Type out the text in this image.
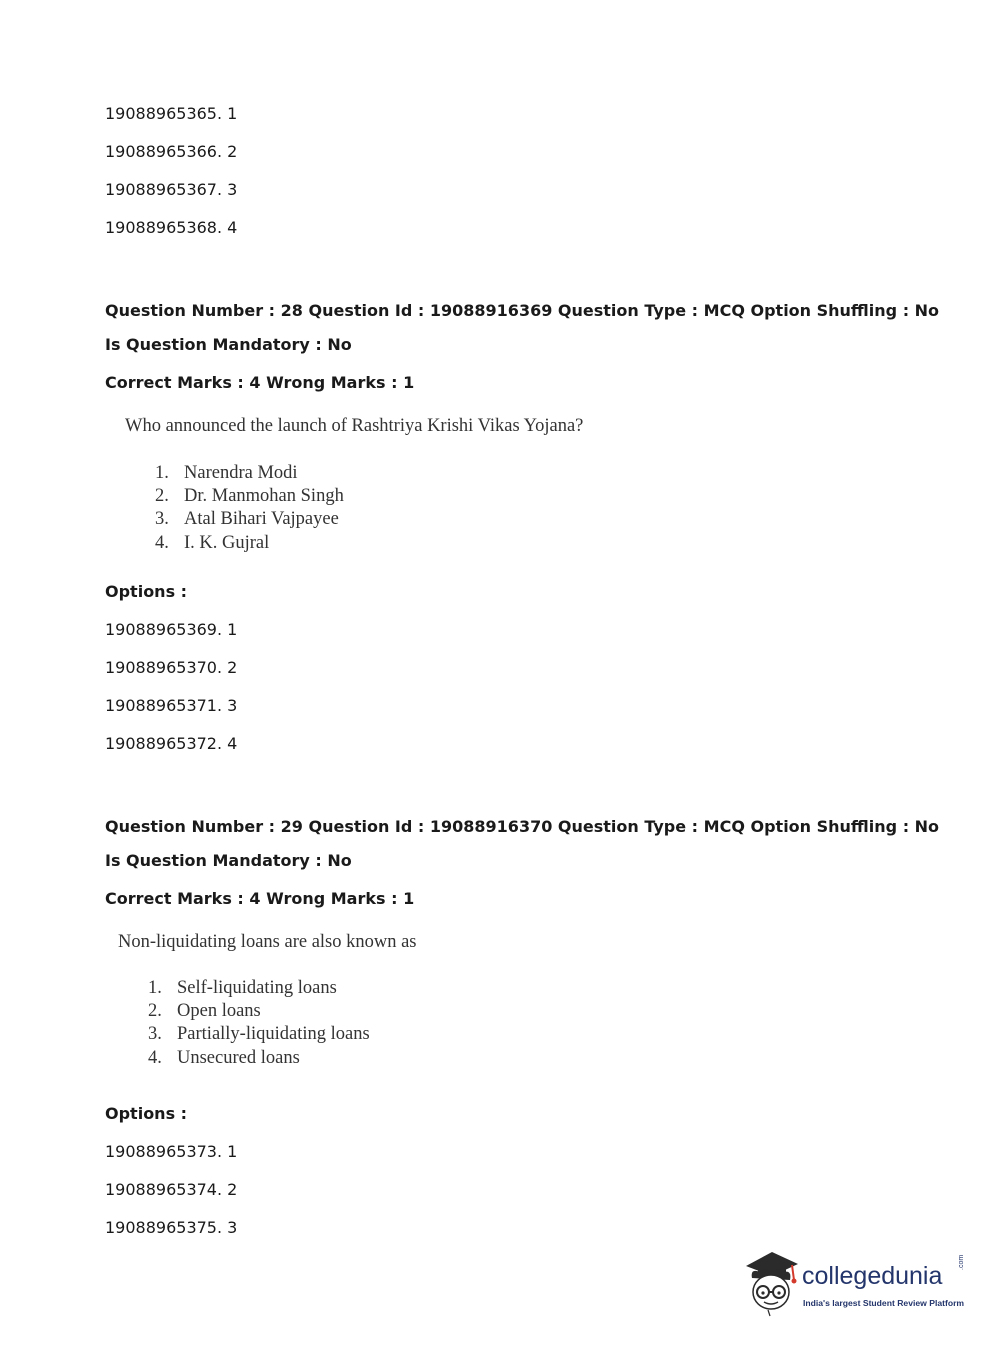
19088965365. 1
19088965366. 2
19088965367. 3
19088965368. 4
Question Number : 28 Question Id : 19088916369 Question Type : MCQ Option Shuffling : No
Is Question Mandatory : No
Correct Marks : 4 Wrong Marks : 1
Who announced the launch of Rashtriya Krishi Vikas Yojana?
1. Narendra Modi
2. Dr. Manmohan Singh
3. Atal Bihari Vajpayee
4. I. K. Gujral
Options :
19088965369. 1
19088965370. 2
19088965371. 3
19088965372. 4
Question Number : 29 Question Id : 19088916370 Question Type : MCQ Option Shuffling : No
Is Question Mandatory : No
Correct Marks : 4 Wrong Marks : 1
Non-liquidating loans are also known as
1. Self-liquidating loans
2. Open loans
3. Partially-liquidating loans
4. Unsecured loans
Options :
19088965373. 1
19088965374. 2
19088965375. 3
collegedunia .com
India's largest Student Review Platform
